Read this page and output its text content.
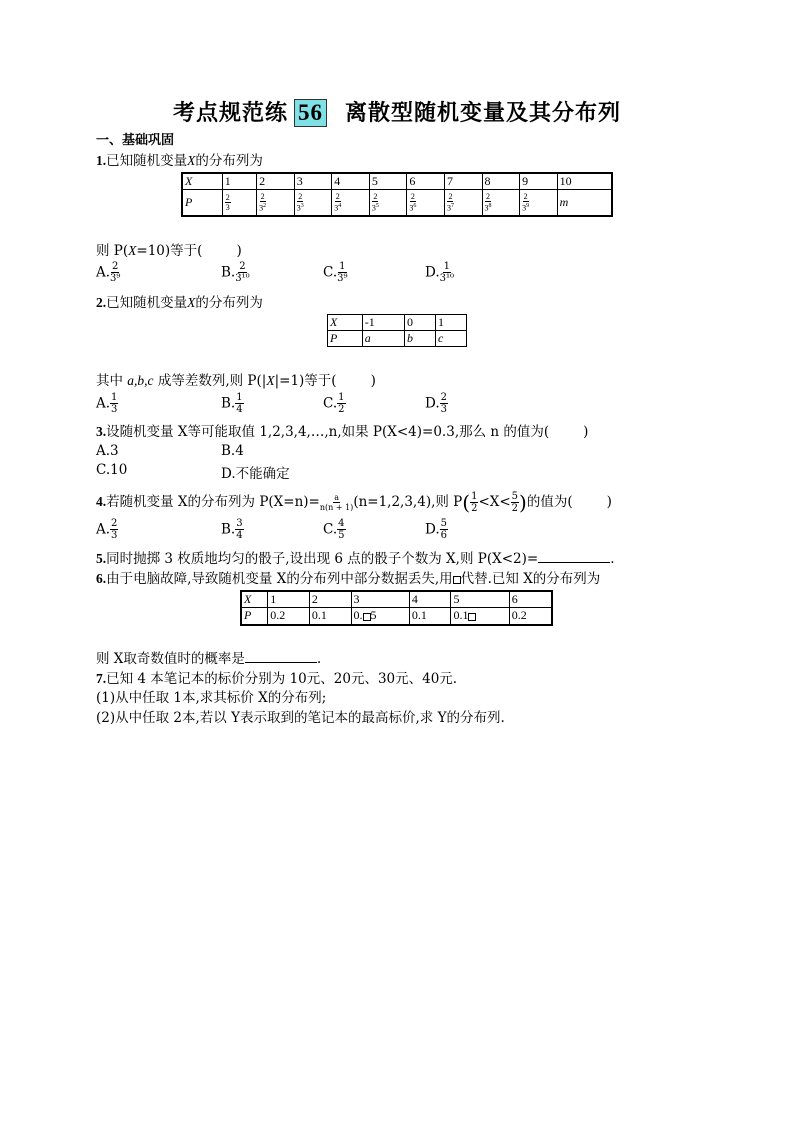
考点规范练 56 离散型随机变量及其分布列
一、基础巩固
1.已知随机变量X的分布列为
X	1	2	3	4	5	6	7	8	9	10
P	$\frac{2}{3}$	$\frac{2}{3^2}$	$\frac{2}{3^3}$	$\frac{2}{3^4}$	$\frac{2}{3^5}$	$\frac{2}{3^6}$	$\frac{2}{3^7}$	$\frac{2}{3^8}$	$\frac{2}{3^9}$	m
则 P(X=10)等于(	)
A. $\frac{2}{\text{3⁹}}$	B. $\frac{2}{\text{3¹⁰}}$	C. $\frac{1}{\text{3⁹}}$	D. $\frac{1}{\text{3¹⁰}}$
2.已知随机变量X的分布列为
X	-1	0	1
P	a	b	c
其中 a,b,c 成等差数列,则 P(|X|=1)等于(	)
A. $\frac{1}{3}$	B. $\frac{1}{4}$	C. $\frac{1}{2}$	D. $\frac{2}{3}$
3.设随机变量 X等可能取值 1,2,3,4,…,n,如果 P(X<4)=0.3,那么 n 的值为(	)
A.3	B.4
C.10	D.不能确定
4.若随机变量 X的分布列为 $P(X=n)= \frac{a}{n(n + 1)} (n=1,2,3,4)$,则 $P( \frac{1}{2} <X< \frac{5}{2}$ )的值为(	)
A. $\frac{2}{3}$	B. $\frac{3}{4}$	C. $\frac{4}{5}$	D. $\frac{5}{6}$
5.同时抛掷 3 枚质地均匀的骰子,设出现 6 点的骰子个数为 X,则 P(X<2)=	.
6.由于电脑故障,导致随机变量 X的分布列中部分数据丢失,用 代替.已知 X的分布列为
X	1	2	3	4	5	6
P	0.2	0.1	0. 5	0.1	0.1	0.2
则 X取奇数值时的概率是	.
7.已知 4 本笔记本的标价分别为 10元、20元、30元、40元.
(1)从中任取 1本,求其标价 X的分布列;
(2)从中任取 2本,若以 Y表示取到的笔记本的最高标价,求 Y的分布列.
